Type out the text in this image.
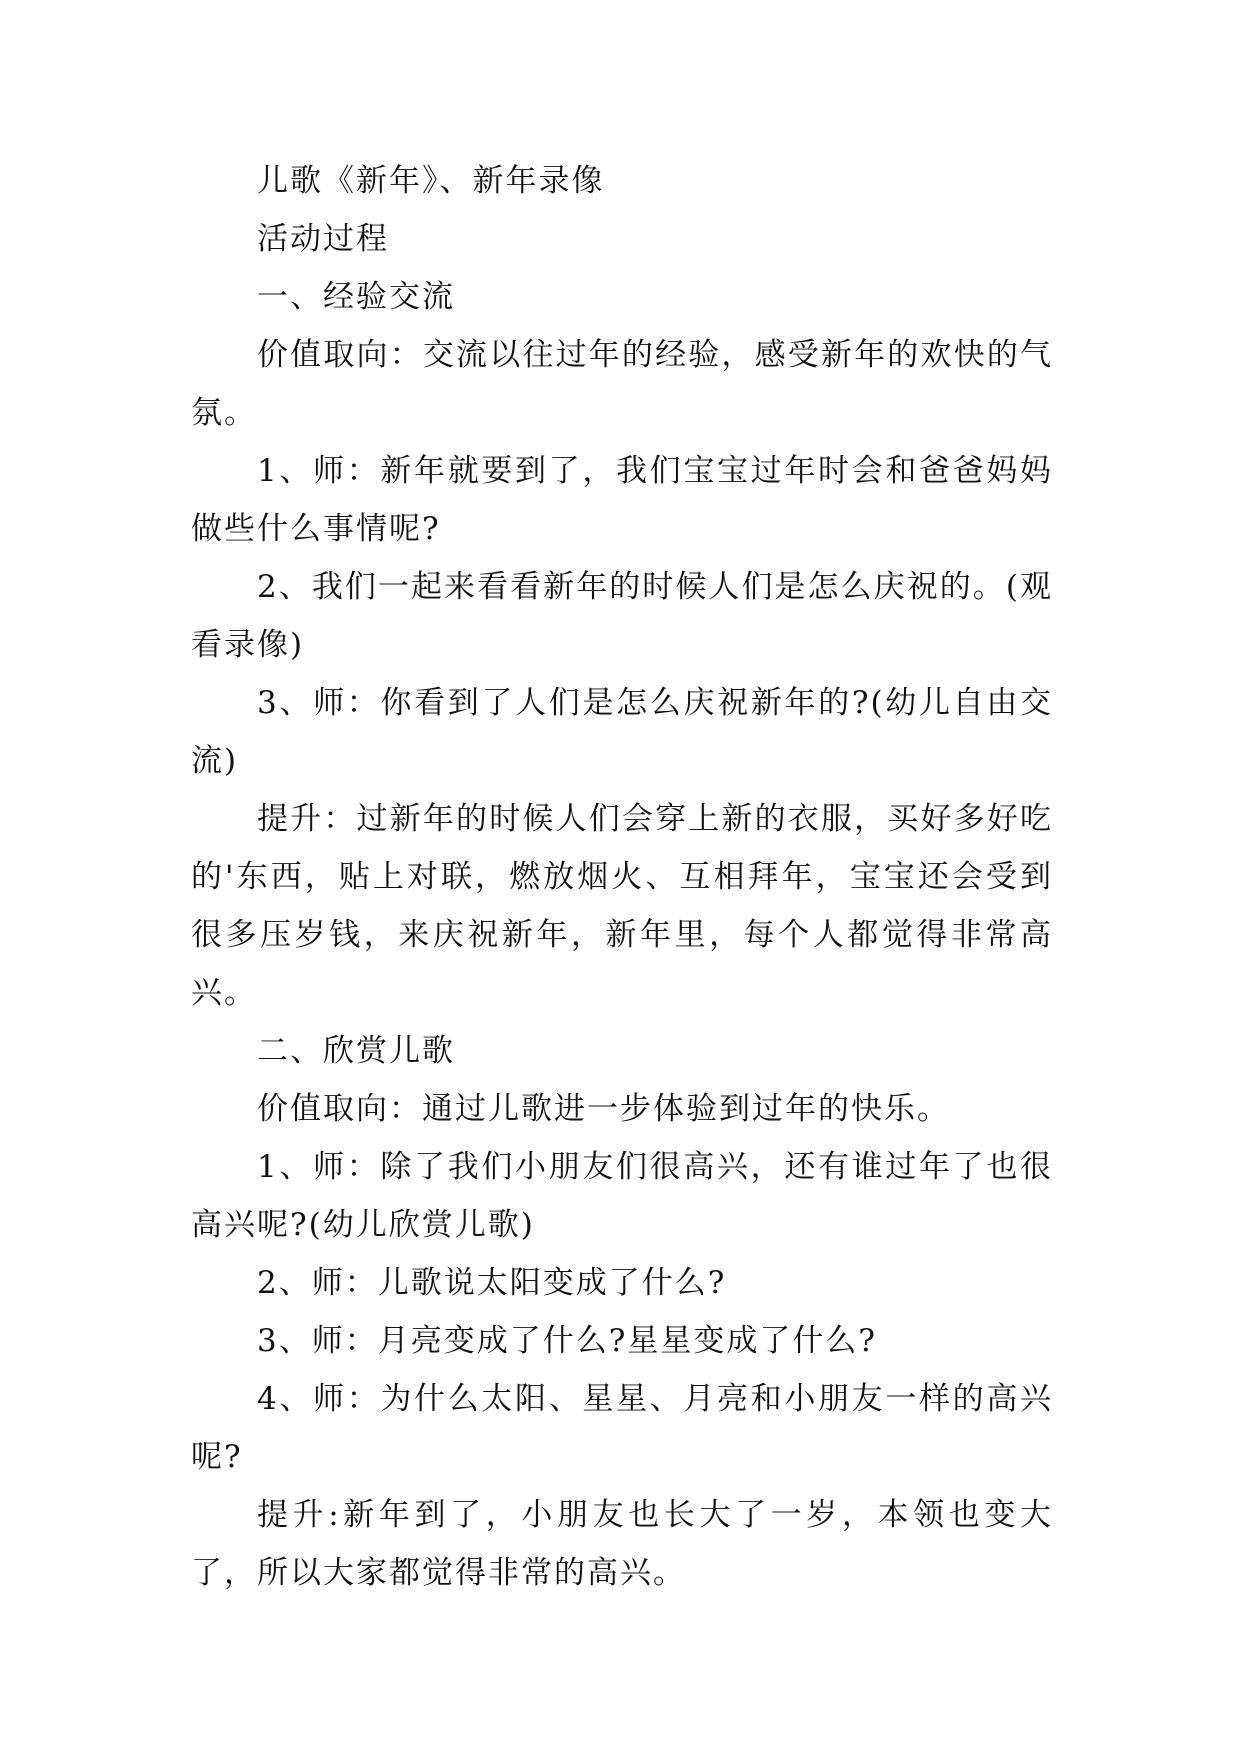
儿歌《新年》、新年录像

活动过程

一、经验交流

价值取向：交流以往过年的经验，感受新年的欢快的气氛。

1、师：新年就要到了，我们宝宝过年时会和爸爸妈妈做些什么事情呢?

2、我们一起来看看新年的时候人们是怎么庆祝的。(观看录像)

3、师：你看到了人们是怎么庆祝新年的?(幼儿自由交流)

提升：过新年的时候人们会穿上新的衣服，买好多好吃的'东西，贴上对联，燃放烟火、互相拜年，宝宝还会受到很多压岁钱，来庆祝新年，新年里，每个人都觉得非常高兴。

二、欣赏儿歌

价值取向：通过儿歌进一步体验到过年的快乐。

1、师：除了我们小朋友们很高兴，还有谁过年了也很高兴呢?(幼儿欣赏儿歌)

2、师：儿歌说太阳变成了什么?

3、师：月亮变成了什么?星星变成了什么?

4、师：为什么太阳、星星、月亮和小朋友一样的高兴呢?

提升:新年到了，小朋友也长大了一岁，本领也变大了，所以大家都觉得非常的高兴。
